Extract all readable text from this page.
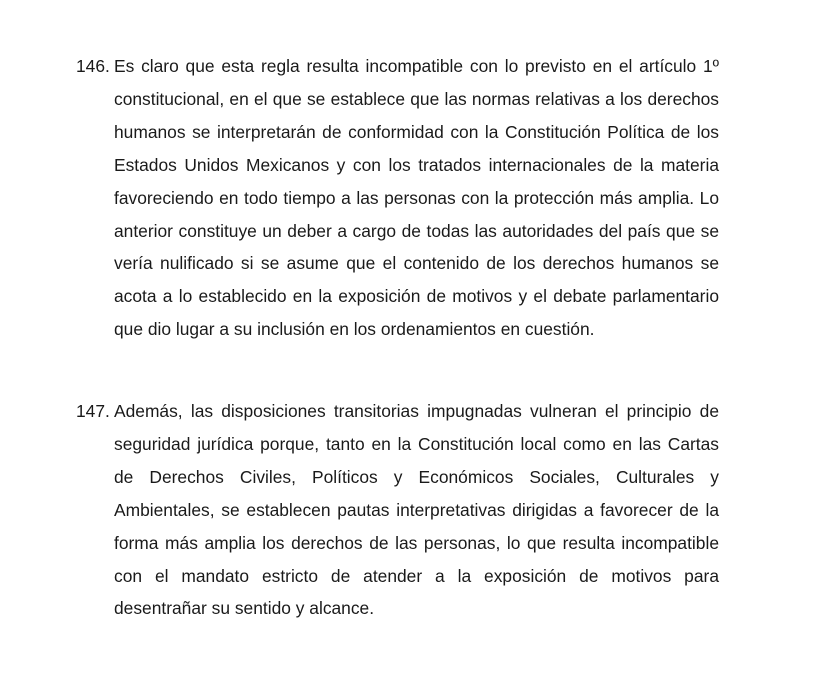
146. Es claro que esta regla resulta incompatible con lo previsto en el artículo 1º constitucional, en el que se establece que las normas relativas a los derechos humanos se interpretarán de conformidad con la Constitución Política de los Estados Unidos Mexicanos y con los tratados internacionales de la materia favoreciendo en todo tiempo a las personas con la protección más amplia. Lo anterior constituye un deber a cargo de todas las autoridades del país que se vería nulificado si se asume que el contenido de los derechos humanos se acota a lo establecido en la exposición de motivos y el debate parlamentario que dio lugar a su inclusión en los ordenamientos en cuestión.
147. Además, las disposiciones transitorias impugnadas vulneran el principio de seguridad jurídica porque, tanto en la Constitución local como en las Cartas de Derechos Civiles, Políticos y Económicos Sociales, Culturales y Ambientales, se establecen pautas interpretativas dirigidas a favorecer de la forma más amplia los derechos de las personas, lo que resulta incompatible con el mandato estricto de atender a la exposición de motivos para desentrañar su sentido y alcance.
